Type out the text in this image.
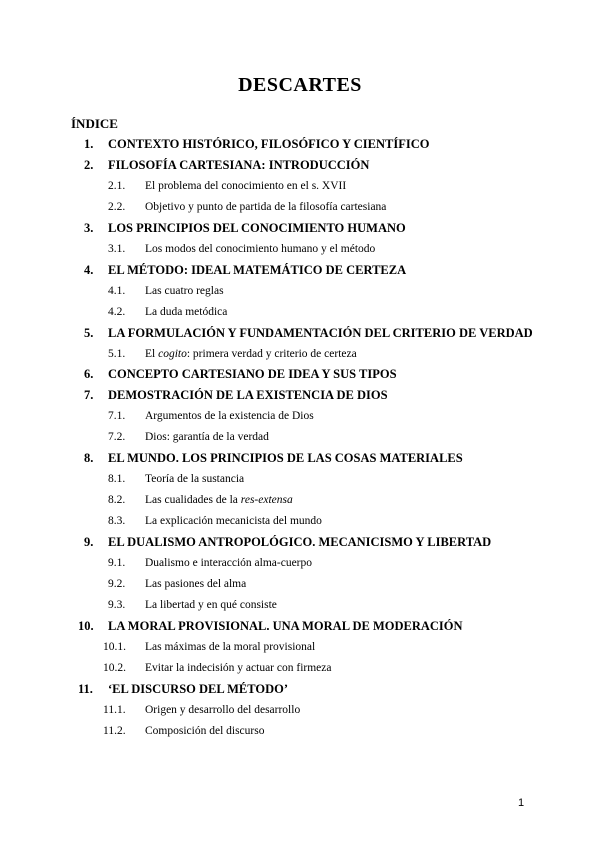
DESCARTES
ÍNDICE
1. CONTEXTO HISTÓRICO, FILOSÓFICO Y CIENTÍFICO
2. FILOSOFÍA CARTESIANA: INTRODUCCIÓN
2.1. El problema del conocimiento en el s. XVII
2.2. Objetivo y punto de partida de la filosofía cartesiana
3. LOS PRINCIPIOS DEL CONOCIMIENTO HUMANO
3.1. Los modos del conocimiento humano y el método
4. EL MÉTODO: IDEAL MATEMÁTICO DE CERTEZA
4.1. Las cuatro reglas
4.2. La duda metódica
5. LA FORMULACIÓN Y FUNDAMENTACIÓN DEL CRITERIO DE VERDAD
5.1. El cogito: primera verdad y criterio de certeza
6. CONCEPTO CARTESIANO DE IDEA Y SUS TIPOS
7. DEMOSTRACIÓN DE LA EXISTENCIA DE DIOS
7.1. Argumentos de la existencia de Dios
7.2. Dios: garantía de la verdad
8. EL MUNDO. LOS PRINCIPIOS DE LAS COSAS MATERIALES
8.1. Teoría de la sustancia
8.2. Las cualidades de la res-extensa
8.3. La explicación mecanicista del mundo
9. EL DUALISMO ANTROPOLÓGICO. MECANICISMO Y LIBERTAD
9.1. Dualismo e interacción alma-cuerpo
9.2. Las pasiones del alma
9.3. La libertad y en qué consiste
10. LA MORAL PROVISIONAL. UNA MORAL DE MODERACIÓN
10.1. Las máximas de la moral provisional
10.2. Evitar la indecisión y actuar con firmeza
11. ‘EL DISCURSO DEL MÉTODO’
11.1. Origen y desarrollo del desarrollo
11.2. Composición del discurso
1
